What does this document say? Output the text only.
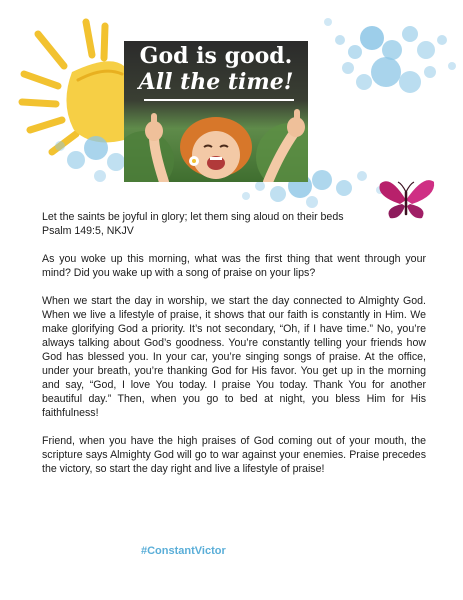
God is good.
All the time!

Let the saints be joyful in glory; let them sing aloud on their beds
Psalm 149:5, NKJV

As you woke up this morning, what was the first thing that went through your mind? Did you wake up with a song of praise on your lips?

When we start the day in worship, we start the day connected to Almighty God. When we live a lifestyle of praise, it shows that our faith is constantly in Him. We make glorifying God a priority. It’s not secondary, “Oh, if I have time.” No, you’re always talking about God’s goodness. You’re constantly telling your friends how God has blessed you. In your car, you’re singing songs of praise. At the office, under your breath, you’re thanking God for His favor. You get up in the morning and say, “God, I love You today. I praise You today. Thank You for another beautiful day.” Then, when you go to bed at night, you bless Him for His faithfulness!

Friend, when you have the high praises of God coming out of your mouth, the scripture says Almighty God will go to war against your enemies. Praise precedes the victory, so start the day right and live a lifestyle of praise!

#ConstantVictor
